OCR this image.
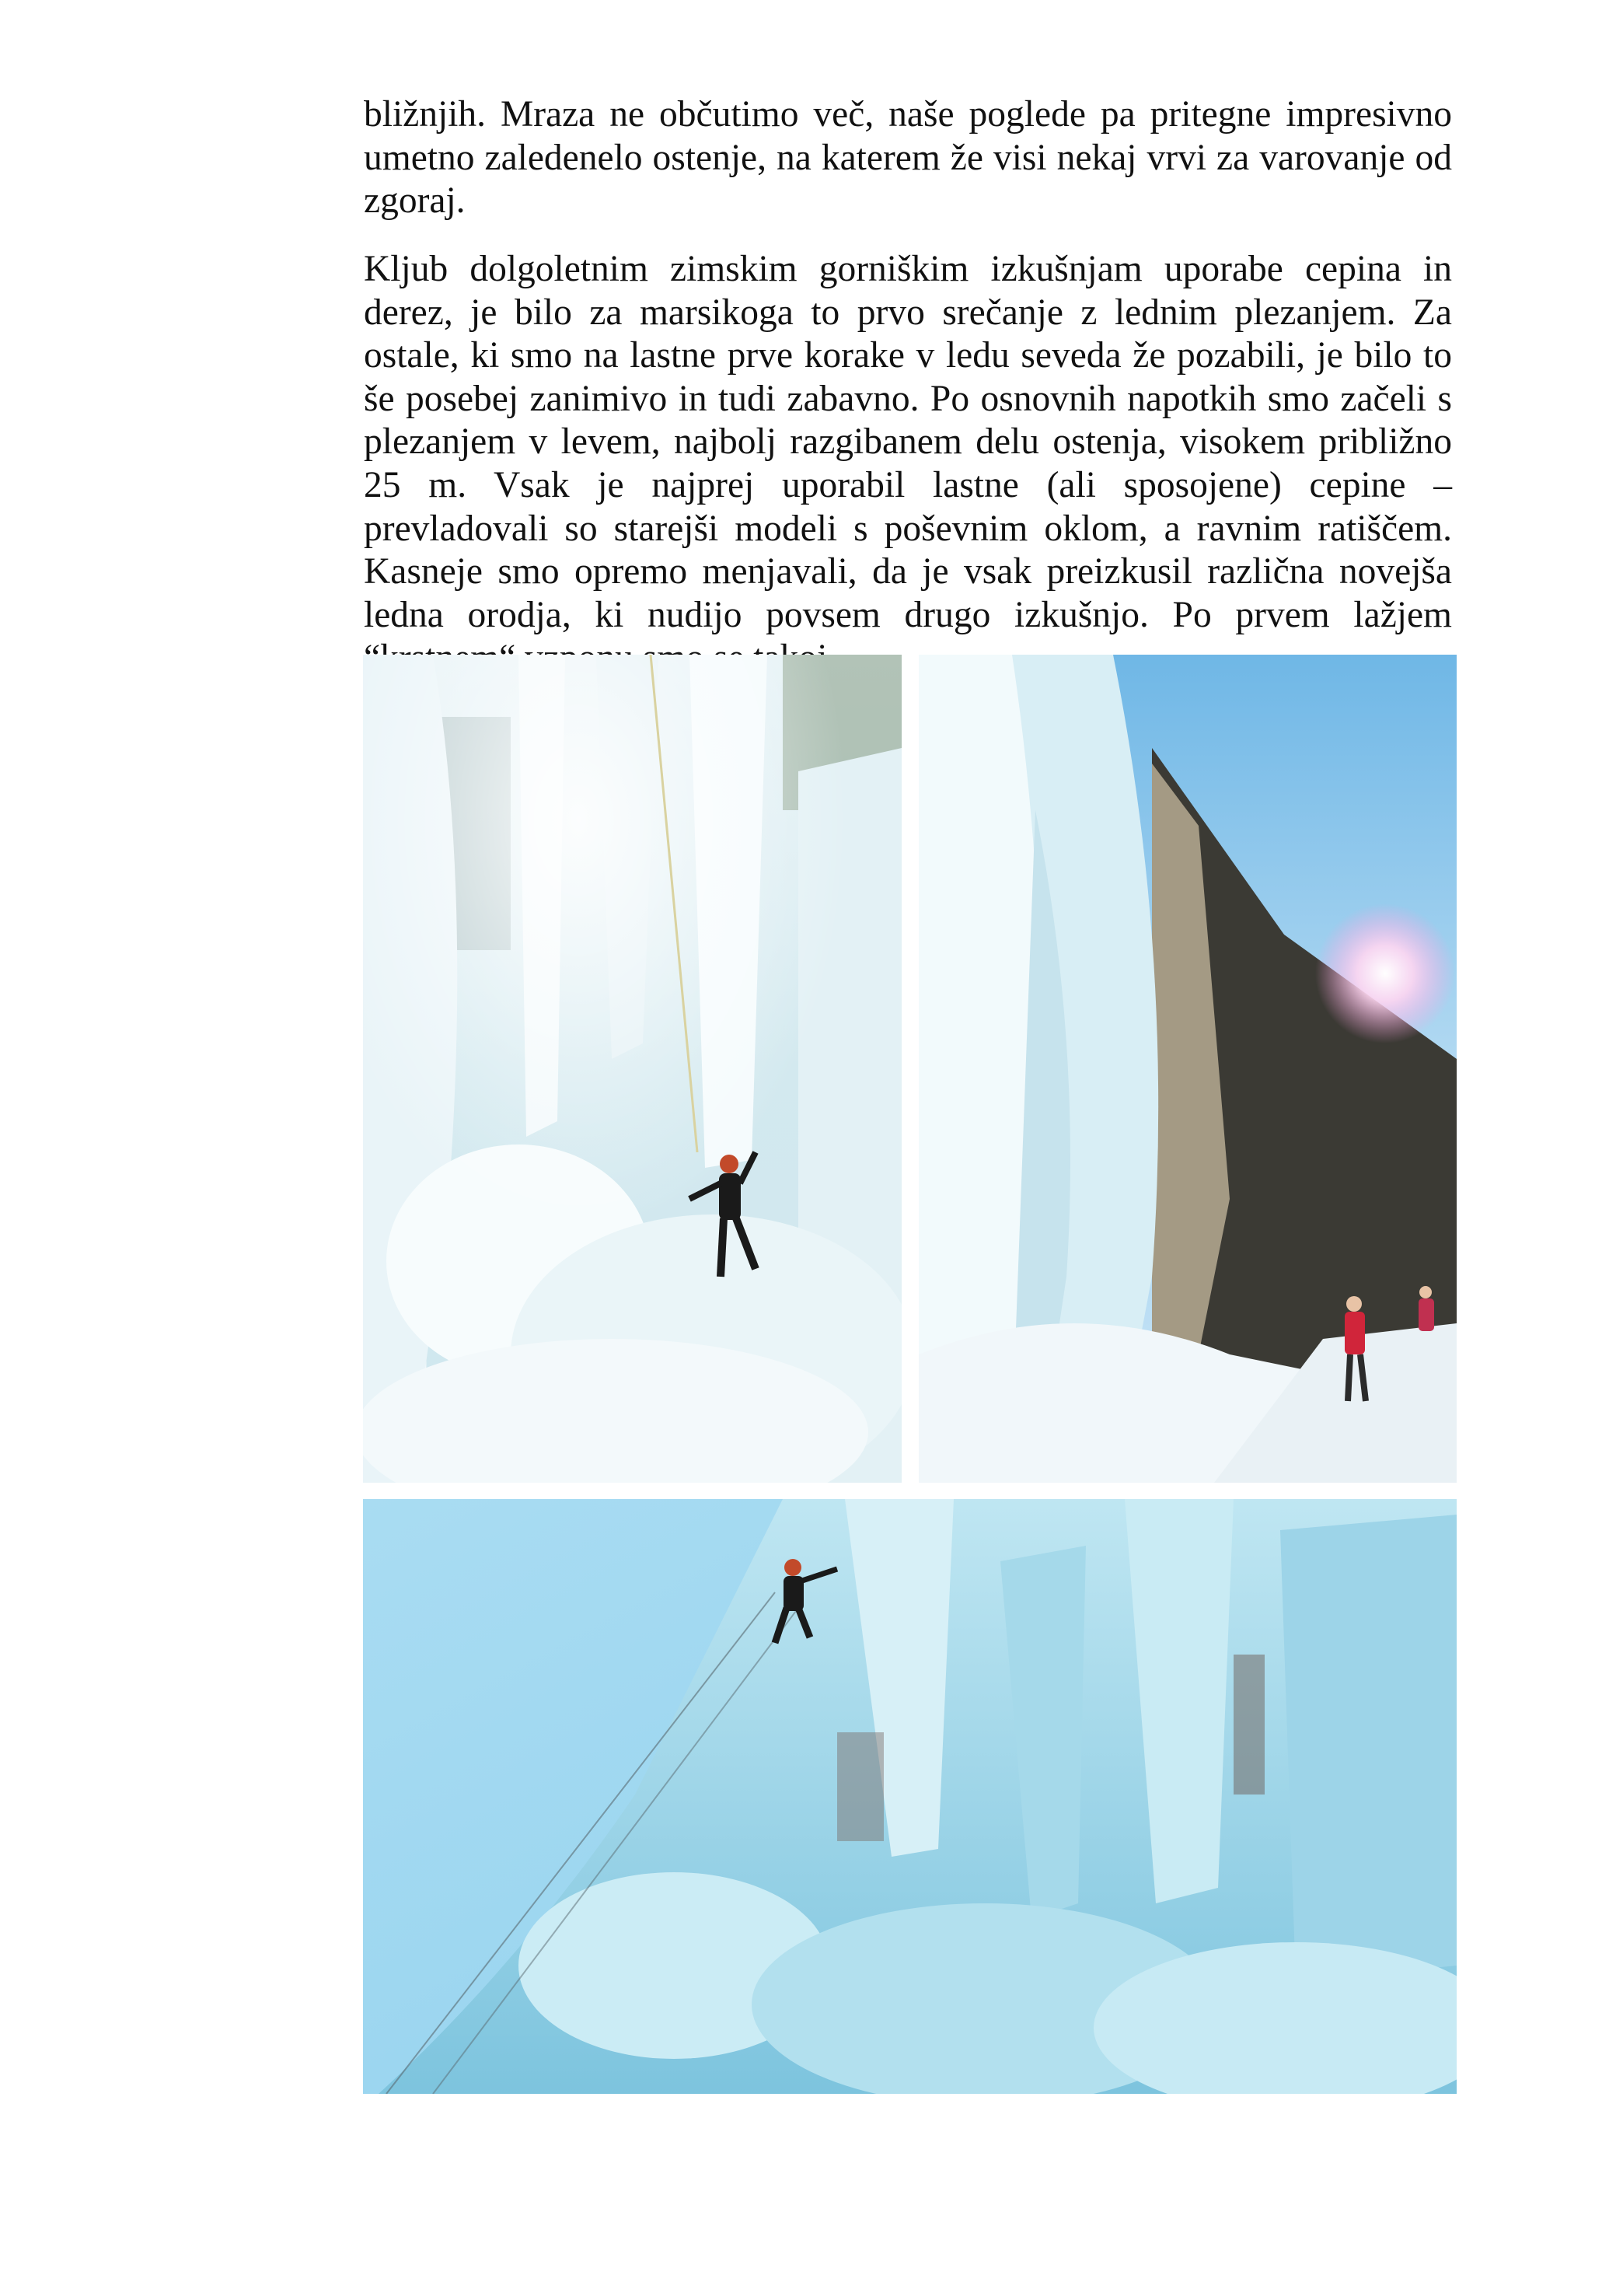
bližnjih. Mraza ne občutimo več, naše poglede pa pritegne impresivno umetno zaledenelo ostenje, na katerem že visi nekaj vrvi za varovanje od zgoraj.

Kljub dolgoletnim zimskim gorniškim izkušnjam uporabe cepina in derez, je bilo za marsikoga to prvo srečanje z lednim plezanjem. Za ostale, ki smo na lastne prve korake v ledu seveda že pozabili, je bilo to še posebej zanimivo in tudi zabavno. Po osnovnih napotkih smo začeli s plezanjem v levem, najbolj razgibanem delu ostenja, visokem približno 25 m. Vsak je najprej uporabil lastne (ali sposojene) cepine – prevladovali so starejši modeli s poševnim oklom, a ravnim ratiščem. Kasneje smo opremo menjavali, da je vsak preizkusil različna novejša ledna orodja, ki nudijo povsem drugo izkušnjo. Po prvem lažjem
